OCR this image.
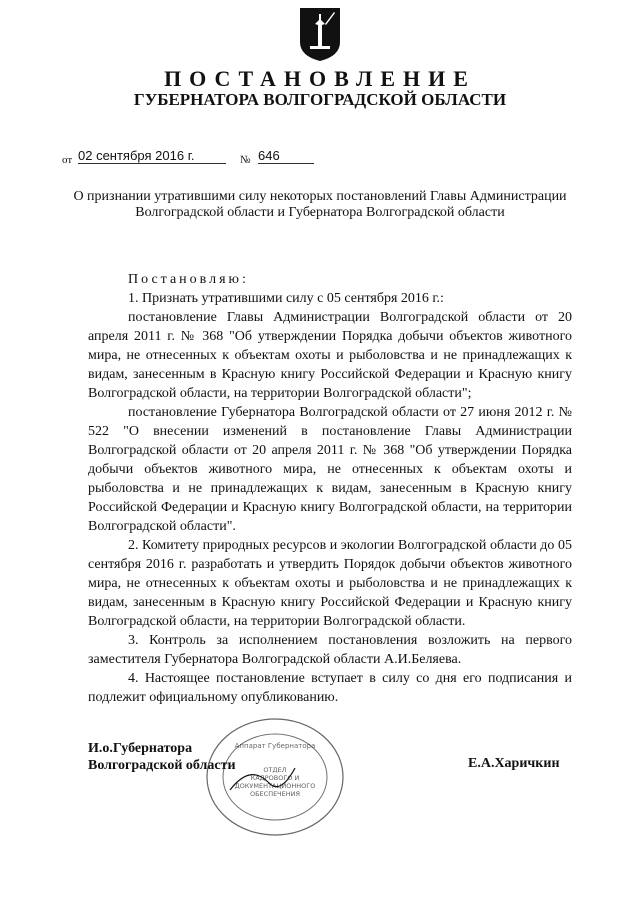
ПОСТАНОВЛЕНИЕ
ГУБЕРНАТОРА ВОЛГОГРАДСКОЙ ОБЛАСТИ
от 02 сентября 2016 г.	№ 646
О признании утратившими силу некоторых постановлений Главы Администрации Волгоградской области и Губернатора Волгоградской области

Постановляю:

1. Признать утратившими силу с 05 сентября 2016 г.:

постановление Главы Администрации Волгоградской области от 20 апреля 2011 г. № 368 "Об утверждении Порядка добычи объектов животного мира, не отнесенных к объектам охоты и рыболовства и не принадлежащих к видам, занесенным в Красную книгу Российской Федерации и Красную книгу Волгоградской области, на территории Волгоградской области";

постановление Губернатора Волгоградской области от 27 июня 2012 г. № 522 "О внесении изменений в постановление Главы Администрации Волгоградской области от 20 апреля 2011 г. № 368 "Об утверждении Порядка добычи объектов животного мира, не отнесенных к объектам охоты и рыболовства и не принадлежащих к видам, занесенным в Красную книгу Российской Федерации и Красную книгу Волгоградской области, на территории Волгоградской области".

2. Комитету природных ресурсов и экологии Волгоградской области до 05 сентября 2016 г. разработать и утвердить Порядок добычи объектов животного мира, не отнесенных к объектам охоты и рыболовства и не принадлежащих к видам, занесенным в Красную книгу Российской Федерации и Красную книгу Волгоградской области, на территории Волгоградской области.

3. Контроль за исполнением постановления возложить на первого заместителя Губернатора Волгоградской области А.И.Беляева.

4. Настоящее постановление вступает в силу со дня его подписания и подлежит официальному опубликованию.

И.о.Губернатора
Волгоградской области	Е.А.Харичкин
Аппарат Губернатора
ОТДЕЛ
КАДРОВОГО И
ДОКУМЕНТАЦИОННОГО
ОБЕСПЕЧЕНИЯ
